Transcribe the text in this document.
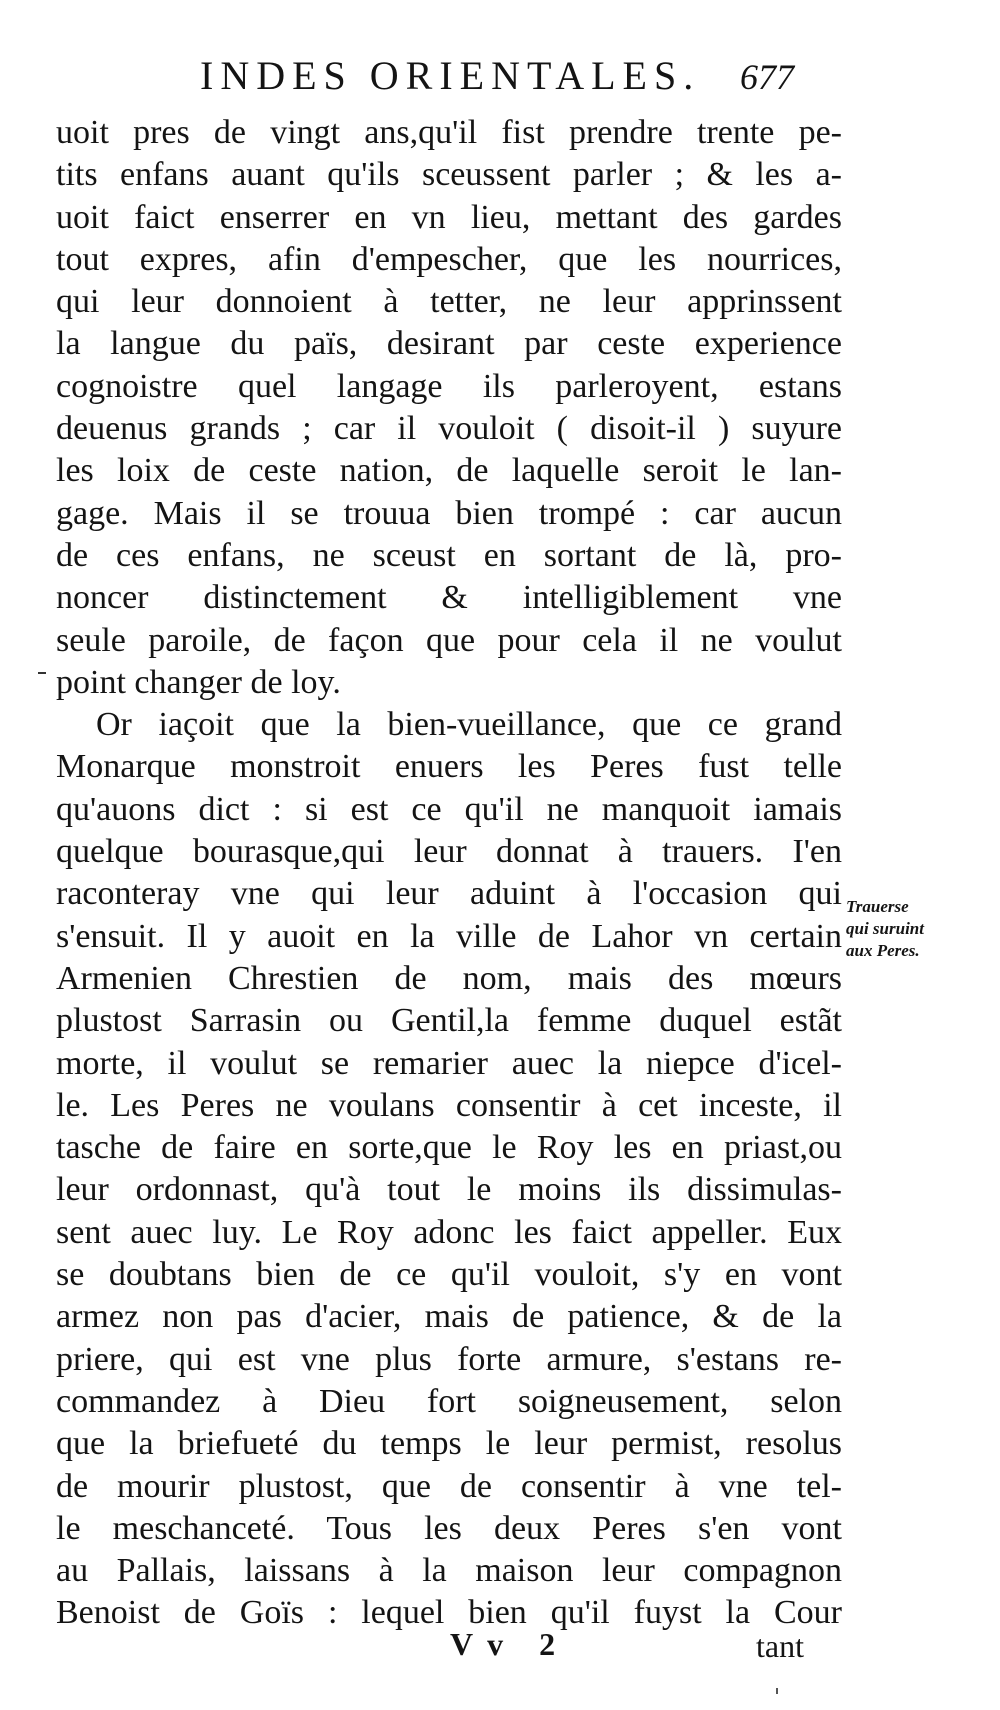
INDES ORIENTALES. 677
uoit pres de vingt ans,qu'il fist prendre trente pe-
tits enfans auant qu'ils sceussent parler ; & les a-
uoit faict enserrer en vn lieu, mettant des gardes
tout expres, afin d'empescher, que les nourrices,
qui leur donnoient à tetter, ne leur apprinssent
la langue du païs, desirant par ceste experience
cognoistre quel langage ils parleroyent, estans
deuenus grands ; car il vouloit ( disoit-il ) suyure
les loix de ceste nation, de laquelle seroit le lan-
gage. Mais il se trouua bien trompé : car aucun
de ces enfans, ne sceust en sortant de là, pro-
noncer distinctement & intelligiblement vne
seule paroile, de façon que pour cela il ne voulut
point changer de loy.
Or iaçoit que la bien-vueillance, que ce grand
Monarque monstroit enuers les Peres fust telle
qu'auons dict : si est ce qu'il ne manquoit iamais
quelque bourasque,qui leur donnat à trauers. I'en
raconteray vne qui leur aduint à l'occasion qui
s'ensuit. Il y auoit en la ville de Lahor vn certain
Armenien Chrestien de nom, mais des mœurs
plustost Sarrasin ou Gentil,la femme duquel estãt
morte, il voulut se remarier auec la niepce d'icel-
le. Les Peres ne voulans consentir à cet inceste, il
tasche de faire en sorte,que le Roy les en priast,ou
leur ordonnast, qu'à tout le moins ils dissimulas-
sent auec luy. Le Roy adonc les faict appeller. Eux
se doubtans bien de ce qu'il vouloit, s'y en vont
armez non pas d'acier, mais de patience, & de la
priere, qui est vne plus forte armure, s'estans re-
commandez à Dieu fort soigneusement, selon
que la briefueté du temps le leur permist, resolus
de mourir plustost, que de consentir à vne tel-
le meschanceté. Tous les deux Peres s'en vont
au Pallais, laissans à la maison leur compagnon
Benoist de Goïs : lequel bien qu'il fuyst la Cour
Trauerse
qui suruint
aux Peres.
Vv 2	tant
